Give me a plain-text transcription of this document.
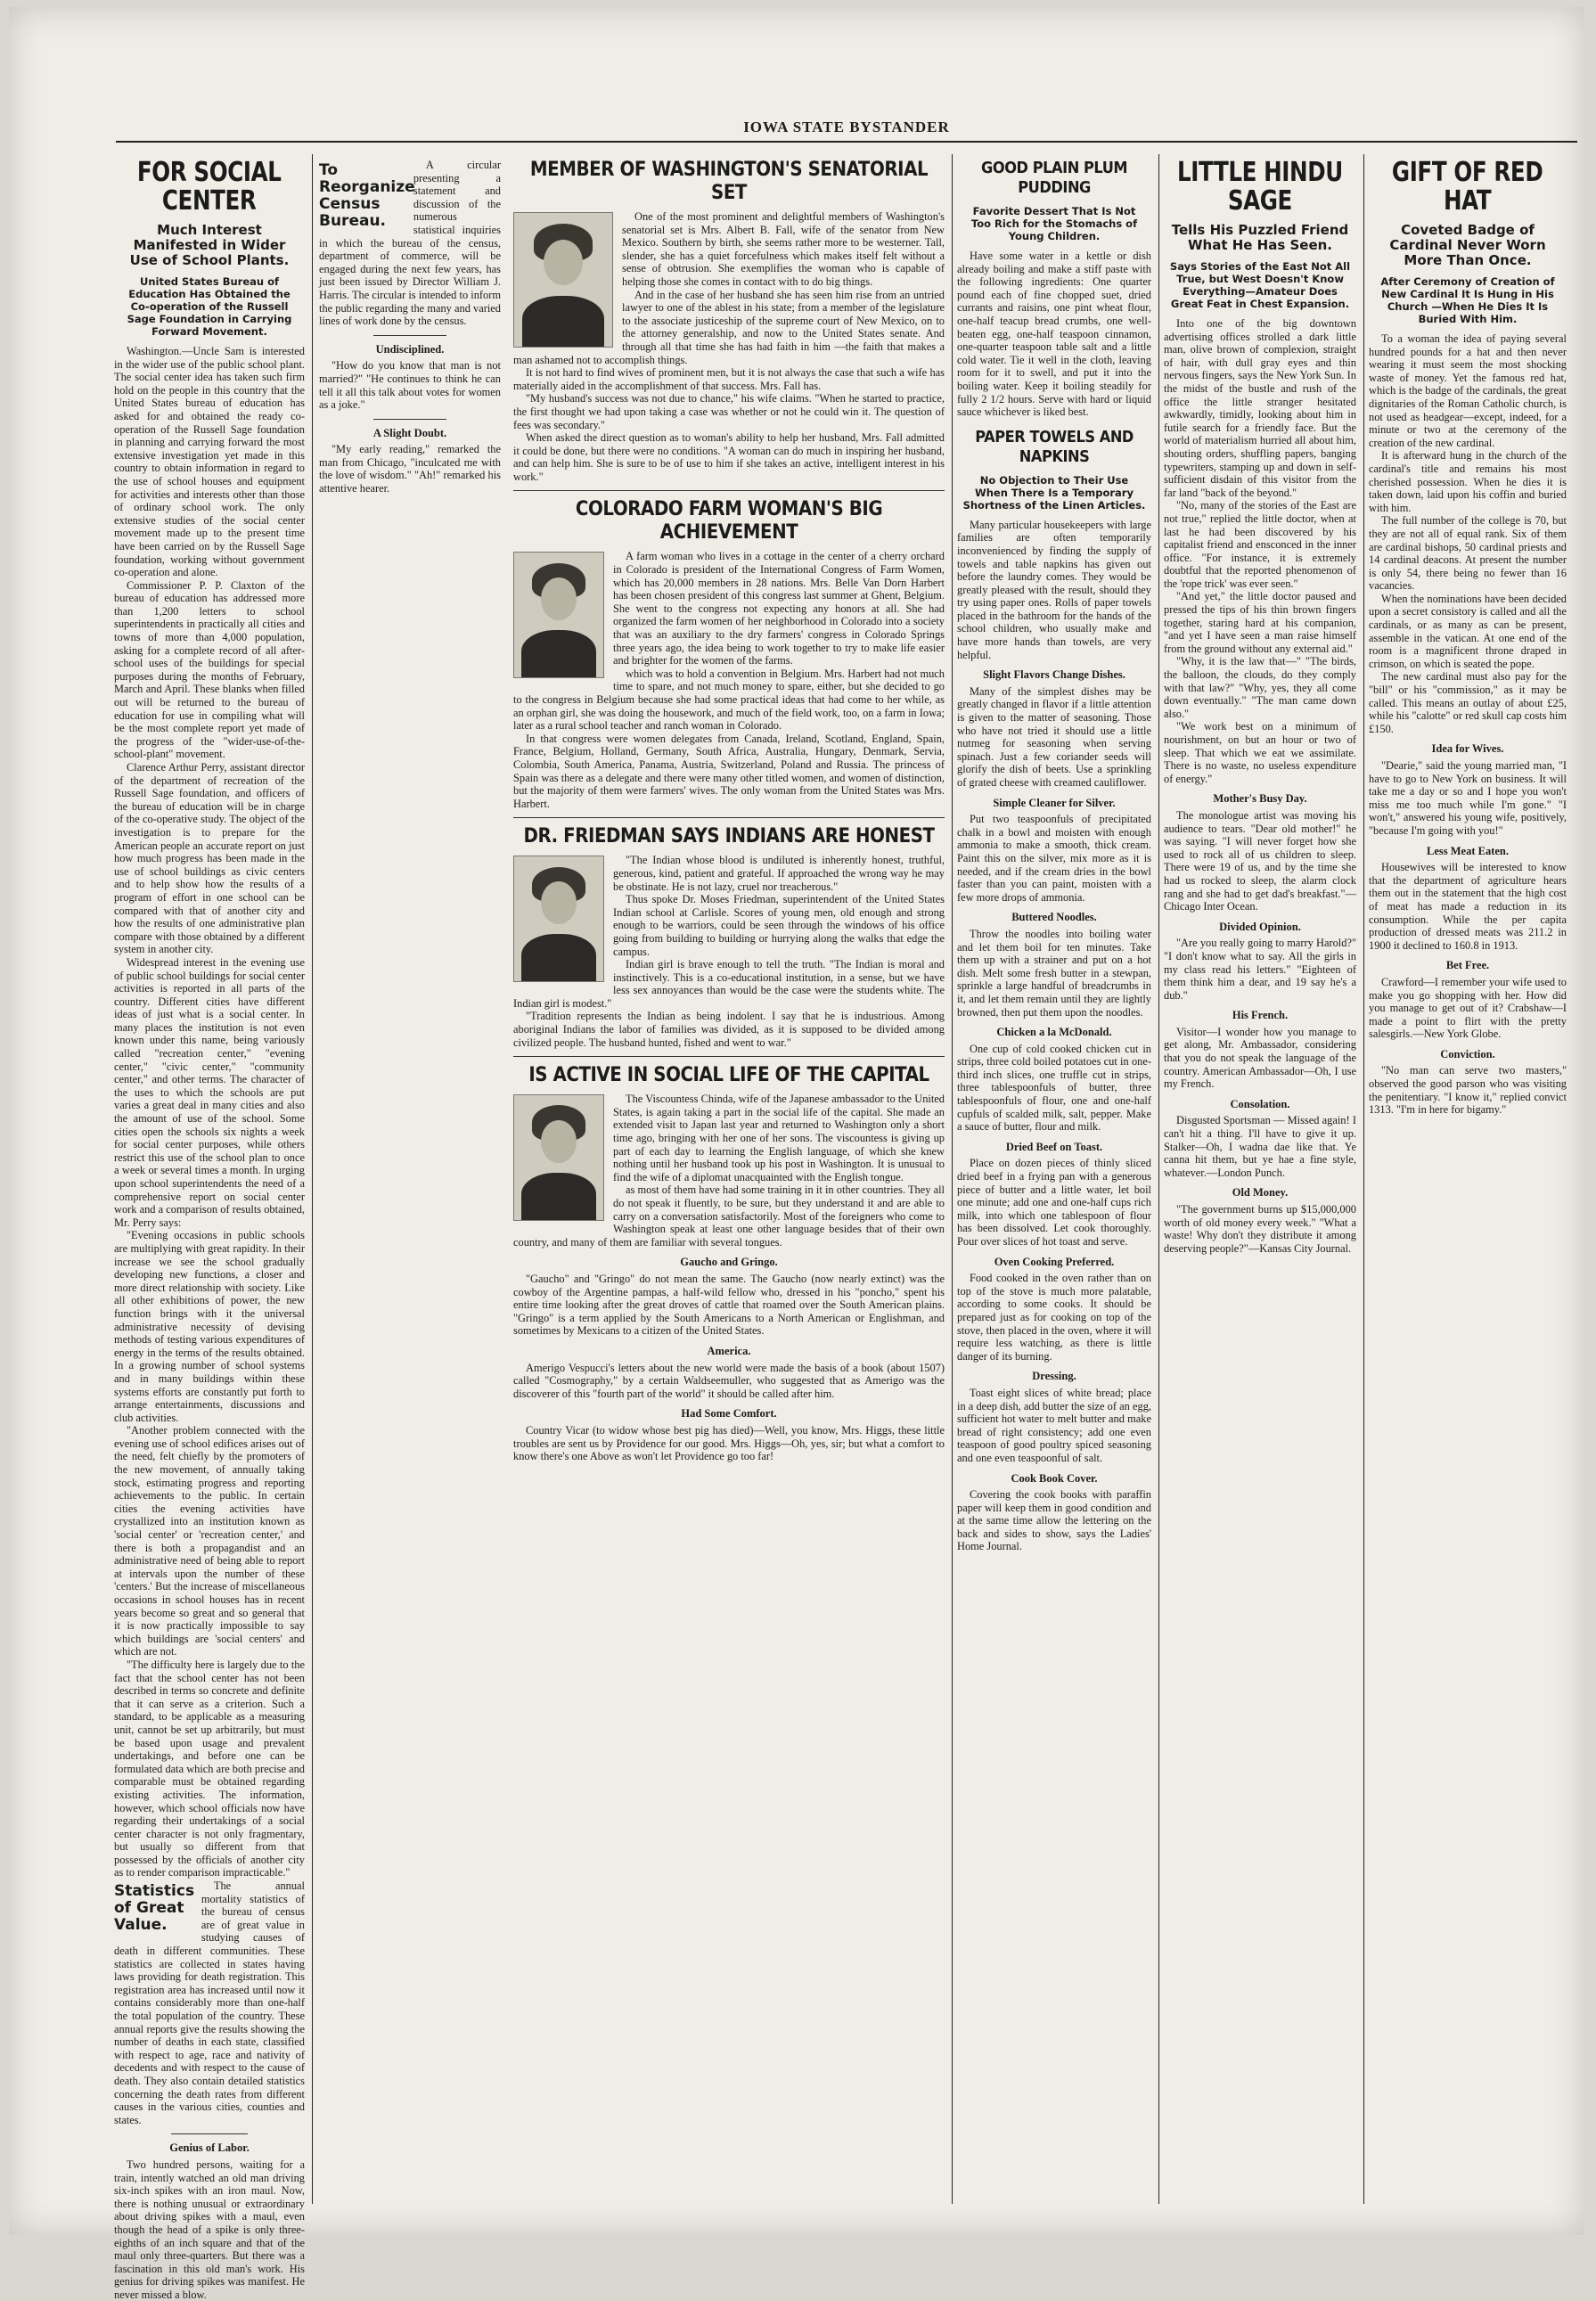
IOWA STATE BYSTANDER
FOR SOCIAL CENTER
Much Interest Manifested in Wider Use of School Plants.
United States Bureau of Education Has Obtained the Co-operation of the Russell Sage Foundation in Carrying Forward Movement.

Washington.—Uncle Sam is interested in the wider use of the public school plant. The social center idea has taken such firm hold on the people in this country that the United States bureau of education has asked for and obtained the ready co-operation of the Russell Sage foundation in planning and carrying forward the most extensive investigation yet made in this country to obtain information in regard to the use of school houses and equipment for activities and interests other than those of ordinary school work. The only extensive studies of the social center movement made up to the present time have been carried on by the Russell Sage foundation, working without government co-operation and alone.

Commissioner P. P. Claxton of the bureau of education has addressed more than 1,200 letters to school superintendents in practically all cities and towns of more than 4,000 population, asking for a complete record of all after-school uses of the buildings for special purposes during the months of February, March and April. These blanks when filled out will be returned to the bureau of education for use in compiling what will be the most complete report yet made of the progress of the "wider-use-of-the-school-plant" movement.

Clarence Arthur Perry, assistant director of the department of recreation of the Russell Sage foundation, and officers of the bureau of education will be in charge of the co-operative study. The object of the investigation is to prepare for the American people an accurate report on just how much progress has been made in the use of school buildings as civic centers and to help show how the results of a program of effort in one school can be compared with that of another city and how the results of one administrative plan compare with those obtained by a different system in another city.

Widespread interest in the evening use of public school buildings for social center activities is reported in all parts of the country. Different cities have different ideas of just what is a social center. In many places the institution is not even known under this name, being variously called "recreation center," "evening center," "civic center," "community center," and other terms. The character of the uses to which the schools are put varies a great deal in many cities and also the amount of use of the school. Some cities open the schools six nights a week for social center purposes, while others restrict this use of the school plan to once a week or several times a month. In urging upon school superintendents the need of a comprehensive report on social center work and a comparison of results obtained, Mr. Perry says:

"Evening occasions in public schools are multiplying with great rapidity. In their increase we see the school gradually developing new functions, a closer and more direct relationship with society. Like all other exhibitions of power, the new function brings with it the universal administrative necessity of devising methods of testing various expenditures of energy in the terms of the results obtained. In a growing number of school systems and in many buildings within these systems efforts are constantly put forth to arrange entertainments, discussions and club activities.

"Another problem connected with the evening use of school edifices arises out of the need, felt chiefly by the promoters of the new movement, of annually taking stock, estimating progress and reporting achievements to the public. In certain cities the evening activities have crystallized into an institution known as 'social center' or 'recreation center,' and there is both a propagandist and an administrative need of being able to report at intervals upon the number of these 'centers.' But the increase of miscellaneous occasions in school houses has in recent years become so great and so general that it is now practically impossible to say which buildings are 'social centers' and which are not.

"The difficulty here is largely due to the fact that the school center has not been described in terms so concrete and definite that it can serve as a criterion. Such a standard, to be applicable as a measuring unit, cannot be set up arbitrarily, but must be based upon usage and prevalent undertakings, and before one can be formulated data which are both precise and comparable must be obtained regarding existing activities. The information, however, which school officials now have regarding their undertakings of a social center character is not only fragmentary, but usually so different from that possessed by the officials of another city as to render comparison impracticable."

Statistics of Great Value.

The annual mortality statistics of the bureau of census are of great value in studying causes of death in different communities. These statistics are collected in states having laws providing for death registration. This registration area has increased until now it contains considerably more than one-half the total population of the country. These annual reports give the results showing the number of deaths in each state, classified with respect to age, race and nativity of decedents and with respect to the cause of death. They also contain detailed statistics concerning the death rates from different causes in the various cities, counties and states.

Genius of Labor.

Two hundred persons, waiting for a train, intently watched an old man driving six-inch spikes with an iron maul. Now, there is nothing unusual or extraordinary about driving spikes with a maul, even though the head of a spike is only three-eighths of an inch square and that of the maul only three-quarters. But there was a fascination in this old man's work. His genius for driving spikes was manifest. He never missed a blow.

To Reorganize Census Bureau.

A circular presenting a statement and discussion of the numerous statistical inquiries in which the bureau of the census, department of commerce, will be engaged during the next few years, has just been issued by Director William J. Harris. The circular is intended to inform the public regarding the many and varied lines of work done by the census.

Undisciplined.

"How do you know that man is not married?" "He continues to think he can tell it all this talk about votes for women as a joke."

A Slight Doubt.

"My early reading," remarked the man from Chicago, "inculcated me with the love of wisdom." "Ah!" remarked his attentive hearer.

MEMBER OF WASHINGTON'S SENATORIAL SET

One of the most prominent and delightful members of Washington's senatorial set is Mrs. Albert B. Fall, wife of the senator from New Mexico. Southern by birth, she seems rather more to be westerner. Tall, slender, she has a quiet forcefulness which makes itself felt without a sense of obtrusion. She exemplifies the woman who is capable of helping those she comes in contact with to do big things.

And in the case of her husband she has seen him rise from an untried lawyer to one of the ablest in his state; from a member of the legislature to the associate justiceship of the supreme court of New Mexico, on to the attorney generalship, and now to the United States senate. And through all that time she has had faith in him —the faith that makes a man ashamed not to accomplish things.

It is not hard to find wives of prominent men, but it is not always the case that such a wife has materially aided in the accomplishment of that success. Mrs. Fall has.

"My husband's success was not due to chance," his wife claims. "When he started to practice, the first thought we had upon taking a case was whether or not he could win it. The question of fees was secondary."

When asked the direct question as to woman's ability to help her husband, Mrs. Fall admitted it could be done, but there were no conditions. "A woman can do much in inspiring her husband, and can help him. She is sure to be of use to him if she takes an active, intelligent interest in his work."

COLORADO FARM WOMAN'S BIG ACHIEVEMENT

A farm woman who lives in a cottage in the center of a cherry orchard in Colorado is president of the International Congress of Farm Women, which has 20,000 members in 28 nations. Mrs. Belle Van Dorn Harbert has been chosen president of this congress last summer at Ghent, Belgium. She went to the congress not expecting any honors at all. She had organized the farm women of her neighborhood in Colorado into a society that was an auxiliary to the dry farmers' congress in Colorado Springs three years ago, the idea being to work together to try to make life easier and brighter for the women of the farms.

which was to hold a convention in Belgium. Mrs. Harbert had not much time to spare, and not much money to spare, either, but she decided to go to the congress in Belgium because she had some practical ideas that had come to her while, as an orphan girl, she was doing the housework, and much of the field work, too, on a farm in Iowa; later as a rural school teacher and ranch woman in Colorado.

In that congress were women delegates from Canada, Ireland, Scotland, England, Spain, France, Belgium, Holland, Germany, South Africa, Australia, Hungary, Denmark, Servia, Colombia, South America, Panama, Austria, Switzerland, Poland and Russia. The princess of Spain was there as a delegate and there were many other titled women, and women of distinction, but the majority of them were farmers' wives. The only woman from the United States was Mrs. Harbert.

DR. FRIEDMAN SAYS INDIANS ARE HONEST

"The Indian whose blood is undiluted is inherently honest, truthful, generous, kind, patient and grateful. If approached the wrong way he may be obstinate. He is not lazy, cruel nor treacherous."

Thus spoke Dr. Moses Friedman, superintendent of the United States Indian school at Carlisle. Scores of young men, old enough and strong enough to be warriors, could be seen through the windows of his office going from building to building or hurrying along the walks that edge the campus.

Indian girl is brave enough to tell the truth. "The Indian is moral and instinctively. This is a co-educational institution, in a sense, but we have less sex annoyances than would be the case were the students white. The Indian girl is modest."

"Tradition represents the Indian as being indolent. I say that he is industrious. Among aboriginal Indians the labor of families was divided, as it is supposed to be divided among civilized people. The husband hunted, fished and went to war."

IS ACTIVE IN SOCIAL LIFE OF THE CAPITAL

The Viscountess Chinda, wife of the Japanese ambassador to the United States, is again taking a part in the social life of the capital. She made an extended visit to Japan last year and returned to Washington only a short time ago, bringing with her one of her sons. The viscountess is giving up part of each day to learning the English language, of which she knew nothing until her husband took up his post in Washington. It is unusual to find the wife of a diplomat unacquainted with the English tongue.

as most of them have had some training in it in other countries. They all do not speak it fluently, to be sure, but they understand it and are able to carry on a conversation satisfactorily. Most of the foreigners who come to Washington speak at least one other language besides that of their own country, and many of them are familiar with several tongues.

Gaucho and Gringo.

"Gaucho" and "Gringo" do not mean the same. The Gaucho (now nearly extinct) was the cowboy of the Argentine pampas, a half-wild fellow who, dressed in his "poncho," spent his entire time looking after the great droves of cattle that roamed over the South American plains. "Gringo" is a term applied by the South Americans to a North American or Englishman, and sometimes by Mexicans to a citizen of the United States.

America.

Amerigo Vespucci's letters about the new world were made the basis of a book (about 1507) called "Cosmography," by a certain Waldseemuller, who suggested that as Amerigo was the discoverer of this "fourth part of the world" it should be called after him.

Had Some Comfort.

Country Vicar (to widow whose best pig has died)—Well, you know, Mrs. Higgs, these little troubles are sent us by Providence for our good. Mrs. Higgs—Oh, yes, sir; but what a comfort to know there's one Above as won't let Providence go too far!

GOOD PLAIN PLUM PUDDING
Favorite Dessert That Is Not Too Rich for the Stomachs of Young Children.

Have some water in a kettle or dish already boiling and make a stiff paste with the following ingredients: One quarter pound each of fine chopped suet, dried currants and raisins, one pint wheat flour, one-half teacup bread crumbs, one well-beaten egg, one-half teaspoon cinnamon, one-quarter teaspoon table salt and a little cold water. Tie it well in the cloth, leaving room for it to swell, and put it into the boiling water. Keep it boiling steadily for fully 2 1/2 hours. Serve with hard or liquid sauce whichever is liked best.

PAPER TOWELS AND NAPKINS
No Objection to Their Use When There Is a Temporary Shortness of the Linen Articles.

Many particular housekeepers with large families are often temporarily inconvenienced by finding the supply of towels and table napkins has given out before the laundry comes. They would be greatly pleased with the result, should they try using paper ones. Rolls of paper towels placed in the bathroom for the hands of the school children, who usually make and have more hands than towels, are very helpful.

Slight Flavors Change Dishes.

Many of the simplest dishes may be greatly changed in flavor if a little attention is given to the matter of seasoning. Those who have not tried it should use a little nutmeg for seasoning when serving spinach. Just a few coriander seeds will glorify the dish of beets. Use a sprinkling of grated cheese with creamed cauliflower.

Simple Cleaner for Silver.

Put two teaspoonfuls of precipitated chalk in a bowl and moisten with enough ammonia to make a smooth, thick cream. Paint this on the silver, mix more as it is needed, and if the cream dries in the bowl faster than you can paint, moisten with a few more drops of ammonia.

Buttered Noodles.

Throw the noodles into boiling water and let them boil for ten minutes. Take them up with a strainer and put on a hot dish. Melt some fresh butter in a stewpan, sprinkle a large handful of breadcrumbs in it, and let them remain until they are lightly browned, then put them upon the noodles.

Chicken a la McDonald.

One cup of cold cooked chicken cut in strips, three cold boiled potatoes cut in one-third inch slices, one truffle cut in strips, three tablespoonfuls of butter, three tablespoonfuls of flour, one and one-half cupfuls of scalded milk, salt, pepper. Make a sauce of butter, flour and milk.

Dried Beef on Toast.

Place on dozen pieces of thinly sliced dried beef in a frying pan with a generous piece of butter and a little water, let boil one minute; add one and one-half cups rich milk, into which one tablespoon of flour has been dissolved. Let cook thoroughly. Pour over slices of hot toast and serve.

Oven Cooking Preferred.

Food cooked in the oven rather than on top of the stove is much more palatable, according to some cooks. It should be prepared just as for cooking on top of the stove, then placed in the oven, where it will require less watching, as there is little danger of its burning.

Dressing.

Toast eight slices of white bread; place in a deep dish, add butter the size of an egg, sufficient hot water to melt butter and make bread of right consistency; add one even teaspoon of good poultry spiced seasoning and one even teaspoonful of salt.

Cook Book Cover.

Covering the cook books with paraffin paper will keep them in good condition and at the same time allow the lettering on the back and sides to show, says the Ladies' Home Journal.

LITTLE HINDU SAGE
Tells His Puzzled Friend What He Has Seen.
Says Stories of the East Not All True, but West Doesn't Know Everything—Amateur Does Great Feat in Chest Expansion.

Into one of the big downtown advertising offices strolled a dark little man, olive brown of complexion, straight of hair, with dull gray eyes and thin nervous fingers, says the New York Sun. In the midst of the bustle and rush of the office the little stranger hesitated awkwardly, timidly, looking about him in futile search for a friendly face. But the world of materialism hurried all about him, shouting orders, shuffling papers, banging typewriters, stamping up and down in self-sufficient disdain of this visitor from the far land "back of the beyond."

"No, many of the stories of the East are not true," replied the little doctor, when at last he had been discovered by his capitalist friend and ensconced in the inner office. "For instance, it is extremely doubtful that the reported phenomenon of the 'rope trick' was ever seen."

"And yet," the little doctor paused and pressed the tips of his thin brown fingers together, staring hard at his companion, "and yet I have seen a man raise himself from the ground without any external aid."

"Why, it is the law that—" "The birds, the balloon, the clouds, do they comply with that law?" "Why, yes, they all come down eventually." "The man came down also."

"We work best on a minimum of nourishment, on but an hour or two of sleep. That which we eat we assimilate. There is no waste, no useless expenditure of energy."

Mother's Busy Day.

The monologue artist was moving his audience to tears. "Dear old mother!" he was saying. "I will never forget how she used to rock all of us children to sleep. There were 19 of us, and by the time she had us rocked to sleep, the alarm clock rang and she had to get dad's breakfast."—Chicago Inter Ocean.

Divided Opinion.

"Are you really going to marry Harold?" "I don't know what to say. All the girls in my class read his letters." "Eighteen of them think him a dear, and 19 say he's a dub."

His French.

Visitor—I wonder how you manage to get along, Mr. Ambassador, considering that you do not speak the language of the country. American Ambassador—Oh, I use my French.

Consolation.

Disgusted Sportsman — Missed again! I can't hit a thing. I'll have to give it up. Stalker—Oh, I wadna dae like that. Ye canna hit them, but ye hae a fine style, whatever.—London Punch.

Old Money.

"The government burns up $15,000,000 worth of old money every week." "What a waste! Why don't they distribute it among deserving people?"—Kansas City Journal.

GIFT OF RED HAT
Coveted Badge of Cardinal Never Worn More Than Once.
After Ceremony of Creation of New Cardinal It Is Hung in His Church —When He Dies It Is Buried With Him.

To a woman the idea of paying several hundred pounds for a hat and then never wearing it must seem the most shocking waste of money. Yet the famous red hat, which is the badge of the cardinals, the great dignitaries of the Roman Catholic church, is not used as headgear—except, indeed, for a minute or two at the ceremony of the creation of the new cardinal.

It is afterward hung in the church of the cardinal's title and remains his most cherished possession. When he dies it is taken down, laid upon his coffin and buried with him.

The full number of the college is 70, but they are not all of equal rank. Six of them are cardinal bishops, 50 cardinal priests and 14 cardinal deacons. At present the number is only 54, there being no fewer than 16 vacancies.

When the nominations have been decided upon a secret consistory is called and all the cardinals, or as many as can be present, assemble in the vatican. At one end of the room is a magnificent throne draped in crimson, on which is seated the pope.

The new cardinal must also pay for the "bill" or his "commission," as it may be called. This means an outlay of about £25, while his "calotte" or red skull cap costs him £150.

Idea for Wives.

"Dearie," said the young married man, "I have to go to New York on business. It will take me a day or so and I hope you won't miss me too much while I'm gone." "I won't," answered his young wife, positively, "because I'm going with you!"

Less Meat Eaten.

Housewives will be interested to know that the department of agriculture hears them out in the statement that the high cost of meat has made a reduction in its consumption. While the per capita production of dressed meats was 211.2 in 1900 it declined to 160.8 in 1913.

Bet Free.

Crawford—I remember your wife used to make you go shopping with her. How did you manage to get out of it? Crabshaw—I made a point to flirt with the pretty salesgirls.—New York Globe.

Conviction.

"No man can serve two masters," observed the good parson who was visiting the penitentiary. "I know it," replied convict 1313. "I'm in here for bigamy."
